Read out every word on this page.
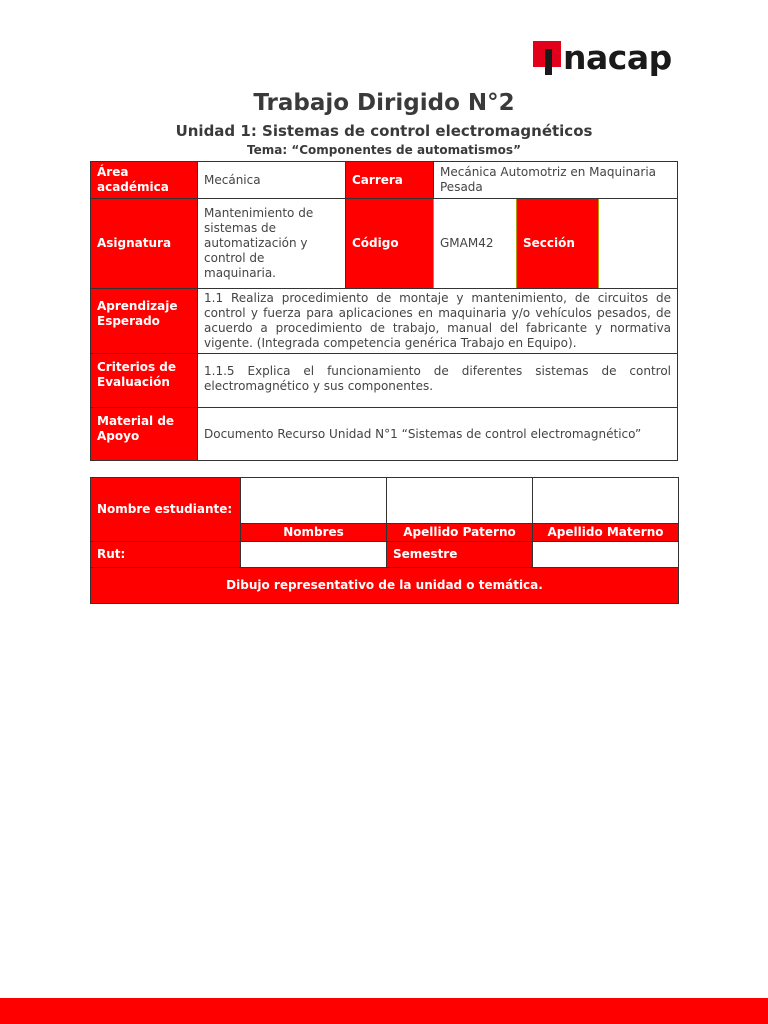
nacap
Trabajo Dirigido N°2
Unidad 1: Sistemas de control electromagnéticos
Tema: “Componentes de automatismos”
Área académica	Mecánica	Carrera	Mecánica Automotriz en Maquinaria Pesada		
Asignatura	Mantenimiento de sistemas de automatización y control de maquinaria.	Código	GMAM42	Sección	
Aprendizaje Esperado	1.1 Realiza procedimiento de montaje y mantenimiento, de circuitos de control y fuerza para aplicaciones en maquinaria y/o vehículos pesados, de acuerdo a procedimiento de trabajo, manual del fabricante y normativa vigente. (Integrada competencia genérica Trabajo en Equipo).				
Criterios de Evaluación	1.1.5 Explica el funcionamiento de diferentes sistemas de control electromagnético y sus componentes.				
Material de Apoyo	Documento Recurso Unidad N°1 “Sistemas de control electromagnético”				
Nombre estudiante:			
	Nombres	Apellido Paterno	Apellido Materno
Rut:		Semestre	
Dibujo representativo de la unidad o temática.			
